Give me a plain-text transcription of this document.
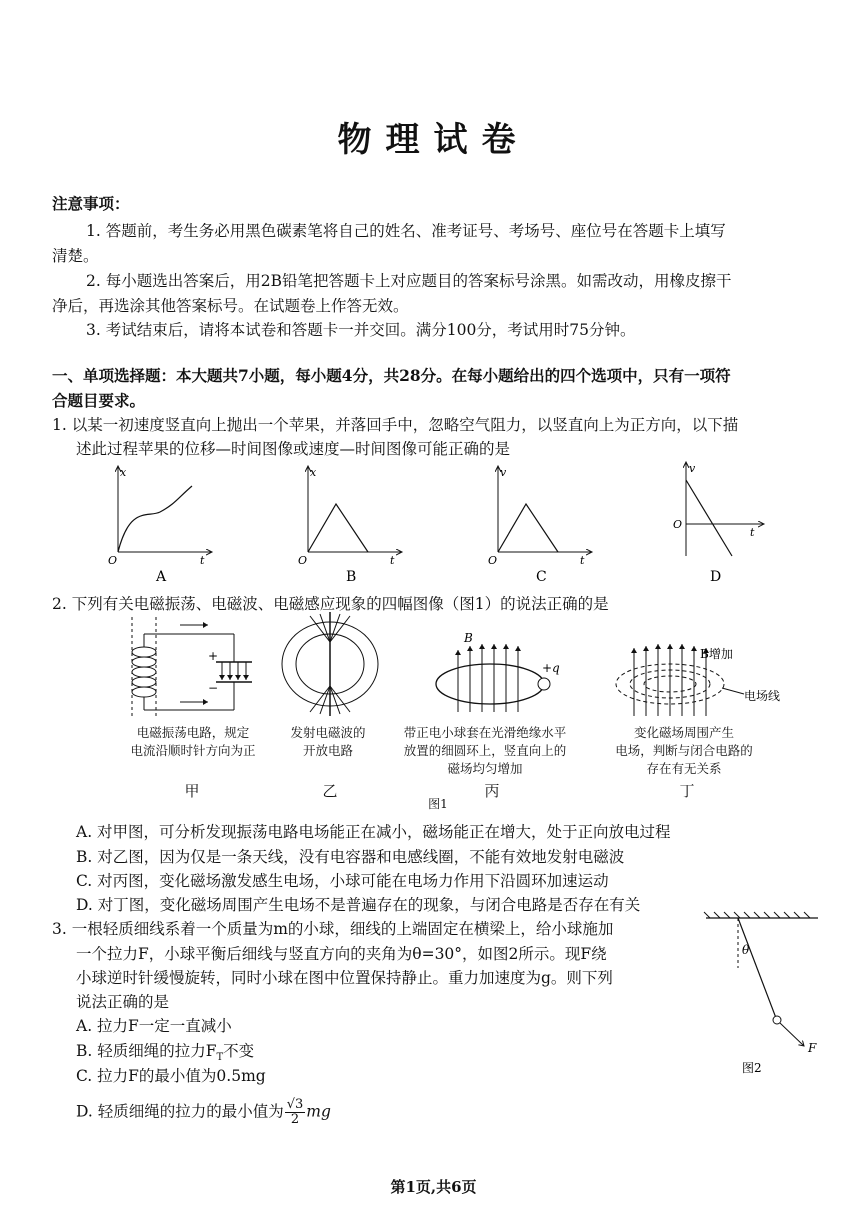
物理试卷
注意事项：
1. 答题前，考生务必用黑色碳素笔将自己的姓名、准考证号、考场号、座位号在答题卡上填写
清楚。
2. 每小题选出答案后，用2B铅笔把答题卡上对应题目的答案标号涂黑。如需改动，用橡皮擦干
净后，再选涂其他答案标号。在试题卷上作答无效。
3. 考试结束后，请将本试卷和答题卡一并交回。满分100分，考试用时75分钟。
一、单项选择题：本大题共7小题，每小题4分，共28分。在每小题给出的四个选项中，只有一项符
合题目要求。
1. 以某一初速度竖直向上抛出一个苹果，并落回手中，忽略空气阻力，以竖直向上为正方向，以下描
述此过程苹果的位移—时间图像或速度—时间图像可能正确的是
x
t
O
A
x
t
O
B
v
t
O
C
v
t
O
D
2. 下列有关电磁振荡、电磁波、电磁感应现象的四幅图像（图1）的说法正确的是
+
−
B
+q
B增加
电场线
电磁振荡电路，规定
电流沿顺时针方向为正
发射电磁波的
开放电路
带正电小球套在光滑绝缘水平
放置的细圆环上，竖直向上的
磁场均匀增加
变化磁场周围产生
电场，判断与闭合电路的
存在有无关系
甲	乙	丙	丁
图1
A. 对甲图，可分析发现振荡电路电场能正在减小，磁场能正在增大，处于正向放电过程
B. 对乙图，因为仅是一条天线，没有电容器和电感线圈，不能有效地发射电磁波
C. 对丙图，变化磁场激发感生电场，小球可能在电场力作用下沿圆环加速运动
D. 对丁图，变化磁场周围产生电场不是普遍存在的现象，与闭合电路是否存在有关
3. 一根轻质细线系着一个质量为m的小球，细线的上端固定在横梁上，给小球施加
一个拉力F，小球平衡后细线与竖直方向的夹角为θ=30°，如图2所示。现F绕
小球逆时针缓慢旋转，同时小球在图中位置保持静止。重力加速度为g。则下列
说法正确的是
A. 拉力F一定一直减小
B. 轻质细绳的拉力$F_T$不变
C. 拉力F的最小值为0.5mg
D. 轻质细绳的拉力的最小值为 $\frac{√3}{2}$ mg
θ
F
图2
第1页,共6页
